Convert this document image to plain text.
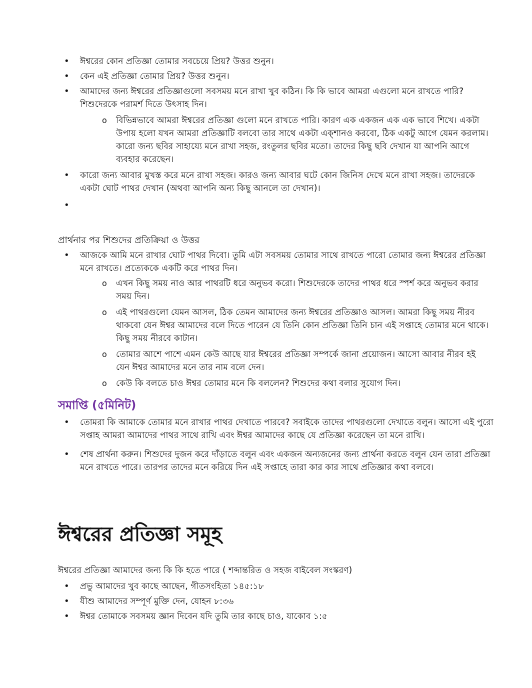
• ঈশ্বরের কোন প্রতিজ্ঞা তোমার সবচেয়ে প্রিয়? উত্তর শুনুন।
• কেন এই প্রতিজ্ঞা তোমার প্রিয়? উত্তর শুনুন।
• আমাদের জন্য ঈশ্বরের প্রতিজ্ঞাগুলো সবসময় মনে রাখা খুব কঠিন। কি কি ভাবে আমরা এগুলো মনে রাখতে পারি? শিশুদেরকে পরামর্শ দিতে উৎসাহ দিন।
o বিভিন্নভাবে আমরা ঈশ্বরের প্রতিজ্ঞা গুলো মনে রাখতে পারি। কারণ এক একজন এক এক ভাবে শিখে। একটা উপায় হলো যখন আমরা প্রতিজ্ঞাটি বলবো তার সাথে একটা এক্শানও করবো, ঠিক একটু আগে যেমন করলাম। কারো জন্য ছবির সাহায্যে মনে রাখা সহজ, রংতুলর ছবির মতো। তাদের কিছু ছবি দেখান যা আপনি আগে ব্যবহার করেছেন।
• কারো জন্য আবার মুখস্ত করে মনে রাখা সহজ। কারও জন্য আবার ঘটে কোন জিনিস দেখে মনে রাখা সহজ। তাদেরকে একটা ঘোট পাথর দেখান (অথবা আপনি অন্য কিছু আনলে তা দেখান)।
•
প্রার্থনার পর শিশুদের প্রতিক্রিয়া ও উত্তর
• আজকে আমি মনে রাখার ঘোট পাথর দিবো। তুমি এটা সবসময় তোমার সাথে রাখতে পারো তোমার জন্য ঈশ্বরের প্রতিজ্ঞা মনে রাখতে। প্রত্যেককে একটি করে পাথর দিন।
o এখন কিছু সময় নাও আর পাথরটি ধরে অনুভব করো। শিশুদেরকে তাদের পাথর ধরে স্পর্শ করে অনুভব করার সময় দিন।
o এই পাথরগুলো যেমন আসল, ঠিক তেমন আমাদের জন্য ঈশ্বরের প্রতিজ্ঞাও আসল। আমরা কিছু সময় নীরব থাকবো যেন ঈশ্বর আমাদের বলে দিতে পারেন যে তিনি কোন প্রতিজ্ঞা তিনি চান এই সপ্তাহে তোমার মনে থাকে। কিছু সময় নীরবে কাটান।
o তোমার আশে পাশে এমন কেউ আছে যার ঈশ্বরের প্রতিজ্ঞা সম্পর্কে জানা প্রয়োজন। আসো আবার নীরব হই যেন ঈশ্বর আমাদের মনে তার নাম বলে দেন।
o কেউ কি বলতে চাও ঈশ্বর তোমার মনে কি বললেন? শিশুদের কথা বলার সুযোগ দিন।
সমাপ্তি (৫মিনিট)
• তোমরা কি আমাকে তোমার মনে রাখার পাথর দেখাতে পারবে? সবাইকে তাদের পাথরগুলো দেখাতে বলুন। আসো এই পুরো সপ্তাহ আমরা আমাদের পাথর সাথে রাখি এবং ঈশ্বর আমাদের কাছে যে প্রতিজ্ঞা করেছেন তা মনে রাখি।
• শেষ প্রার্থনা করুন। শিশুদের দুজন করে দাঁড়াতে বলুন এবং একজন অন্যজনের জন্য প্রার্থনা করতে বলুন যেন তারা প্রতিজ্ঞা মনে রাখতে পারে। তারপর তাদের মনে করিয়ে দিন এই সপ্তাহে তারা কার কার সাথে প্রতিজ্ঞার কথা বলবে।
ঈশ্বরের প্রতিজ্ঞা সমূহ
ঈশ্বরের প্রতিজ্ঞা আমাদের জন্য কি কি হতে পারে ( শব্দান্তরিত ও সহজ বাইবেল সংস্করণ)
• প্রভু আমাদের খুব কাছে আছেন, গীতসংহিতা ১৪৫:১৮
• যীশু আমাদের সম্পূর্ণ মুক্তি দেন, যোহন ৮:৩৬
• ঈশ্বর তোমাকে সবসময় জ্ঞান দিবেন যদি তুমি তার কাছে চাও, যাকোব ১:৫
